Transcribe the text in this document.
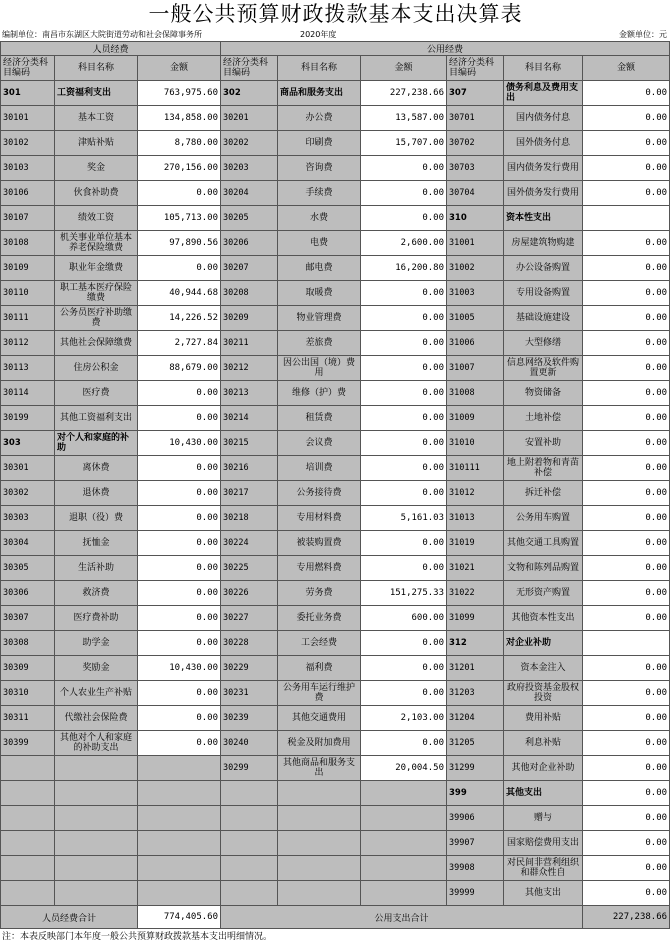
一般公共预算财政拨款基本支出决算表
编制单位：南昌市东湖区大院街道劳动和社会保障事务所	2020年度	金额单位：元
人员经费			公用经费					
经济分类科目编码	科目名称	金额	经济分类科目编码	科目名称	金额	经济分类科目编码	科目名称	金额
301	工资福利支出	763,975.60	302	商品和服务支出	227,238.66	307	债务利息及费用支出	0.00
30101	基本工资	134,858.00	30201	办公费	13,587.00	30701	国内债务付息	0.00
30102	津贴补贴	8,780.00	30202	印刷费	15,707.00	30702	国外债务付息	0.00
30103	奖金	270,156.00	30203	咨询费	0.00	30703	国内债务发行费用	0.00
30106	伙食补助费	0.00	30204	手续费	0.00	30704	国外债务发行费用	0.00
30107	绩效工资	105,713.00	30205	水费	0.00	310	资本性支出	
30108	机关事业单位基本养老保险缴费	97,890.56	30206	电费	2,600.00	31001	房屋建筑物购建	0.00
30109	职业年金缴费	0.00	30207	邮电费	16,200.80	31002	办公设备购置	0.00
30110	职工基本医疗保险缴费	40,944.68	30208	取暖费	0.00	31003	专用设备购置	0.00
30111	公务员医疗补助缴费	14,226.52	30209	物业管理费	0.00	31005	基础设施建设	0.00
30112	其他社会保障缴费	2,727.84	30211	差旅费	0.00	31006	大型修缮	0.00
30113	住房公积金	88,679.00	30212	因公出国（境）费用	0.00	31007	信息网络及软件购置更新	0.00
30114	医疗费	0.00	30213	维修（护）费	0.00	31008	物资储备	0.00
30199	其他工资福利支出	0.00	30214	租赁费	0.00	31009	土地补偿	0.00
303	对个人和家庭的补助	10,430.00	30215	会议费	0.00	31010	安置补助	0.00
30301	离休费	0.00	30216	培训费	0.00	310111	地上附着物和青苗补偿	0.00
30302	退休费	0.00	30217	公务接待费	0.00	31012	拆迁补偿	0.00
30303	退职（役）费	0.00	30218	专用材料费	5,161.03	31013	公务用车购置	0.00
30304	抚恤金	0.00	30224	被装购置费	0.00	31019	其他交通工具购置	0.00
30305	生活补助	0.00	30225	专用燃料费	0.00	31021	文物和陈列品购置	0.00
30306	救济费	0.00	30226	劳务费	151,275.33	31022	无形资产购置	0.00
30307	医疗费补助	0.00	30227	委托业务费	600.00	31099	其他资本性支出	0.00
30308	助学金	0.00	30228	工会经费	0.00	312	对企业补助	
30309	奖励金	10,430.00	30229	福利费	0.00	31201	资本金注入	0.00
30310	个人农业生产补贴	0.00	30231	公务用车运行维护费	0.00	31203	政府投资基金股权投资	0.00
30311	代缴社会保险费	0.00	30239	其他交通费用	2,103.00	31204	费用补贴	0.00
30399	其他对个人和家庭的补助支出	0.00	30240	税金及附加费用	0.00	31205	利息补贴	0.00
			30299	其他商品和服务支出	20,004.50	31299	其他对企业补助	0.00
						399	其他支出	0.00
						39906	赠与	0.00
						39907	国家赔偿费用支出	0.00
						39908	对民间非营利组织和群众性自	0.00
						39999	其他支出	0.00
人员经费合计		774,405.60	公用支出合计					227,238.66
注：本表反映部门本年度一般公共预算财政拨款基本支出明细情况。
